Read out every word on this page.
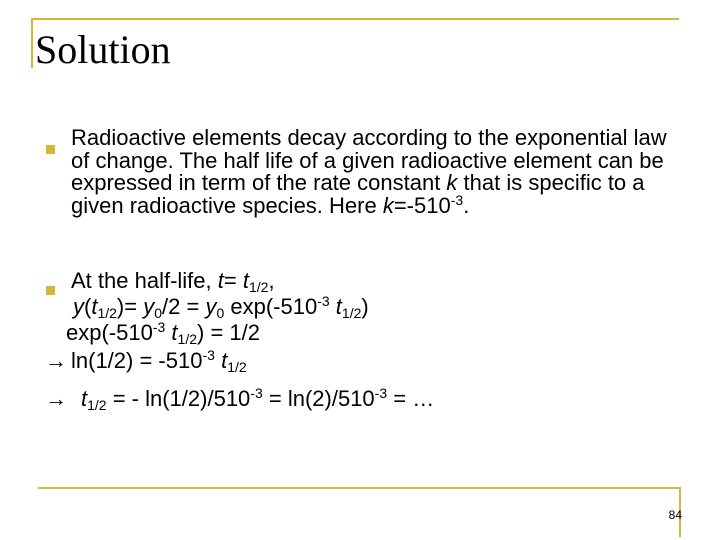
Solution
Radioactive elements decay according to the exponential law of change. The half life of a given radioactive element can be expressed in term of the rate constant k that is specific to a given radioactive species. Here $k=-510^{-3}$.
At the half-life, $t= t_{1/2}$,
$y(t_{1/2})= y_0/2 = y_0$ $\exp(-510^{-3}$ $t_{1/2}$)
$\exp(-510^{-3}$ $t_{1/2}) = 1/2$
→ $\ln(1/2) = -510^{-3}$ $t_{1/2}$
→ $t_{1/2}$ = - $\ln(1/2)/510^{-3} = \ln(2)/510^{-3}$ = …
84
